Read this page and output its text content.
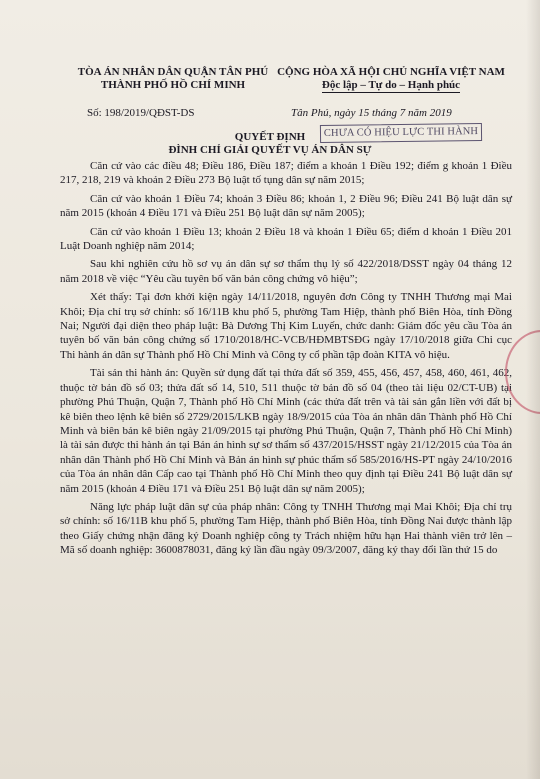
TÒA ÁN NHÂN DÂN QUẬN TÂN PHÚ
THÀNH PHỐ HỒ CHÍ MINH
CỘNG HÒA XÃ HỘI CHỦ NGHĨA VIỆT NAM
Độc lập – Tự do – Hạnh phúc
Số: 198/2019/QĐST-DS	Tân Phú, ngày 15 tháng 7 năm 2019
QUYẾT ĐỊNH
ĐÌNH CHỈ GIẢI QUYẾT VỤ ÁN DÂN SỰ
CHƯA CÓ HIỆU LỰC THI HÀNH

Căn cứ vào các điều 48; Điều 186, Điều 187; điểm a khoản 1 Điều 192; điểm g khoản 1 Điều 217, 218, 219 và khoản 2 Điều 273 Bộ luật tố tụng dân sự năm 2015;

Căn cứ vào khoản 1 Điều 74; khoản 3 Điều 86; khoản 1, 2 Điều 96; Điều 241 Bộ luật dân sự năm 2015 (khoản 4 Điều 171 và Điều 251 Bộ luật dân sự năm 2005);

Căn cứ vào khoản 1 Điều 13; khoản 2 Điều 18 và khoản 1 Điều 65; điểm d khoản 1 Điều 201 Luật Doanh nghiệp năm 2014;

Sau khi nghiên cứu hồ sơ vụ án dân sự sơ thẩm thụ lý số 422/2018/DSST ngày 04 tháng 12 năm 2018 về việc “Yêu cầu tuyên bố văn bản công chứng vô hiệu”;

Xét thấy: Tại đơn khởi kiện ngày 14/11/2018, nguyên đơn Công ty TNHH Thương mại Mai Khôi; Địa chỉ trụ sở chính: số 16/11B khu phố 5, phường Tam Hiệp, thành phố Biên Hòa, tỉnh Đồng Nai; Người đại diện theo pháp luật: Bà Dương Thị Kim Luyến, chức danh: Giám đốc yêu cầu Tòa án tuyên bố văn bản công chứng số 1710/2018/HC-VCB/HĐMBTSĐG ngày 17/10/2018 giữa Chi cục Thi hành án dân sự Thành phố Hồ Chí Minh và Công ty cổ phần tập đoàn KITA vô hiệu.

Tài sản thi hành án: Quyền sử dụng đất tại thửa đất số 359, 455, 456, 457, 458, 460, 461, 462, thuộc tờ bản đồ số 03; thửa đất số 14, 510, 511 thuộc tờ bản đồ số 04 (theo tài liệu 02/CT-UB) tại phường Phú Thuận, Quận 7, Thành phố Hồ Chí Minh (các thửa đất trên và tài sản gắn liền với đất bị kê biên theo lệnh kê biên số 2729/2015/LKB ngày 18/9/2015 của Tòa án nhân dân Thành phố Hồ Chí Minh và biên bản kê biên ngày 21/09/2015 tại phường Phú Thuận, Quận 7, Thành phố Hồ Chí Minh) là tài sản được thi hành án tại Bản án hình sự sơ thẩm số 437/2015/HSST ngày 21/12/2015 của Tòa án nhân dân Thành phố Hồ Chí Minh và Bản án hình sự phúc thẩm số 585/2016/HS-PT ngày 24/10/2016 của Tòa án nhân dân Cấp cao tại Thành phố Hồ Chí Minh theo quy định tại Điều 241 Bộ luật dân sự năm 2015 (khoản 4 Điều 171 và Điều 251 Bộ luật dân sự năm 2005);

Năng lực pháp luật dân sự của pháp nhân: Công ty TNHH Thương mại Mai Khôi; Địa chỉ trụ sở chính: số 16/11B khu phố 5, phường Tam Hiệp, thành phố Biên Hòa, tỉnh Đồng Nai được thành lập theo Giấy chứng nhận đăng ký Doanh nghiệp công ty Trách nhiệm hữu hạn Hai thành viên trở lên – Mã số doanh nghiệp: 3600878031, đăng ký lần đầu ngày 09/3/2007, đăng ký thay đổi lần thứ 15 do
